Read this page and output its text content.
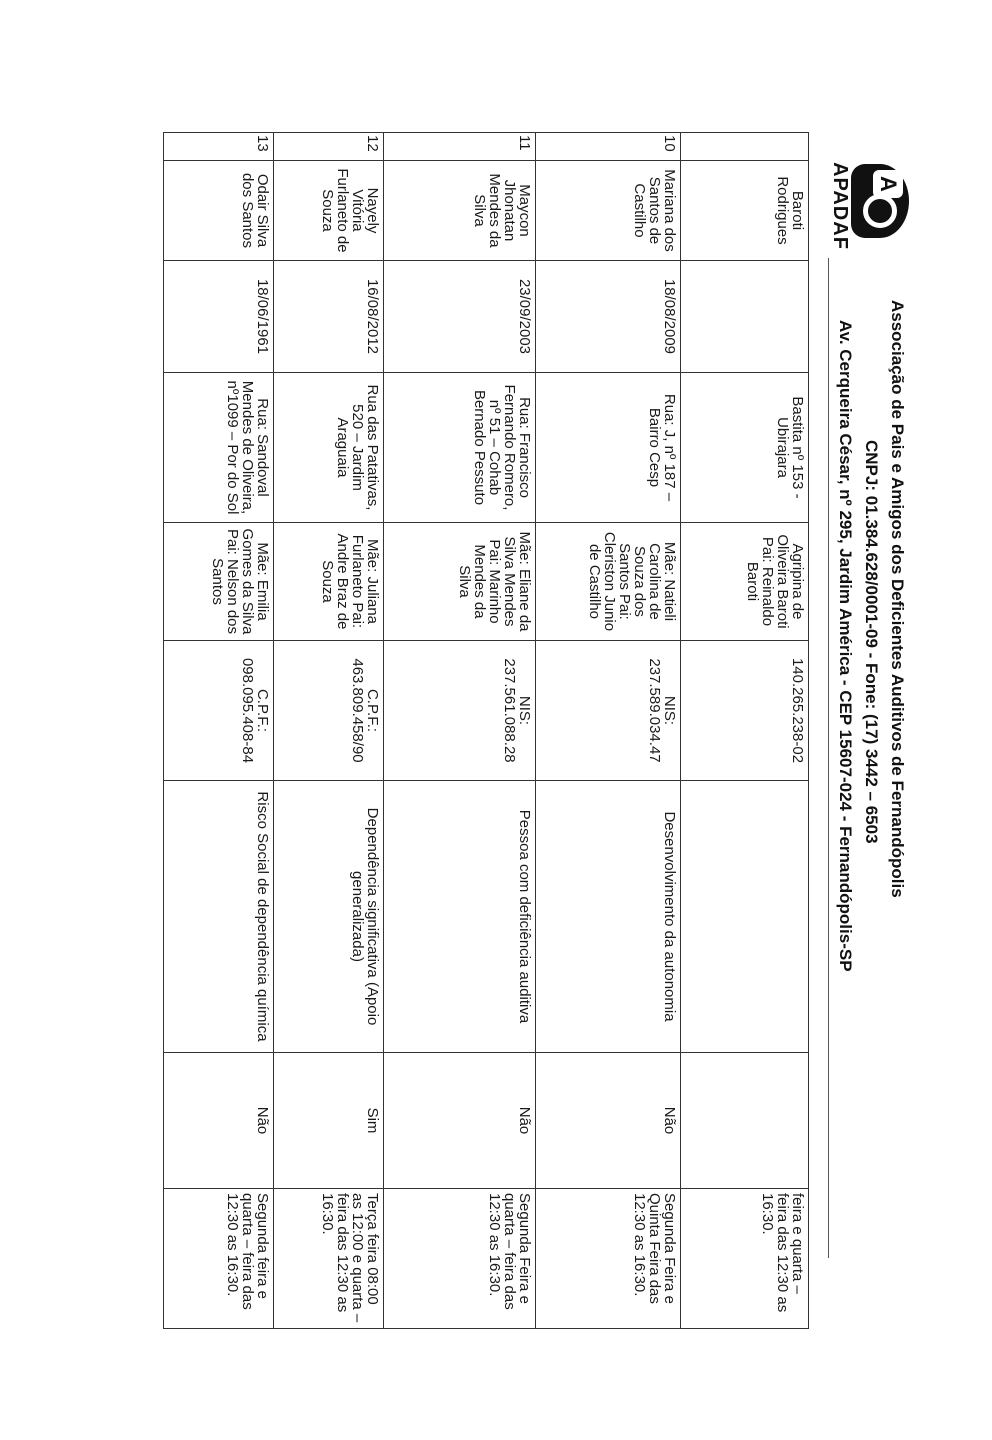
A
APADAF
Associação de Pais e Amigos dos Deficientes Auditivos de Fernandópolis
CNPJ: 01.384.628/0001-09 - Fone: (17) 3442 – 6503
Av. Cerqueira César, nº 295, Jardim América - CEP 15607-024 - Fernandópolis-SP
	Baroti Rodrigues		Bastita nº 153 - Ubirajara	Agripina de Oliveira Baroti Pai: Reinaldo Baroti	140.265.238-02			feira e quarta – feira das 12:30 as 16:30.
10	Mariana dos Santos de Castilho	18/08/2009	Rua: J, nº 187 – Bairro Cesp	Mãe: Natieli Carolina de Souza dos Santos Pai: Cleriston Junio de Castilho	NIS: 237.589.034.47	Desenvolvimento da autonomia	Não	Segunda Feira e Quinta Feira das 12:30 as 16:30.
11	Maycon Jhonatan Mendes da Silva	23/09/2003	Rua: Francisco Fernando Romero, nº 51 – Cohab Bernado Pessuto	Mãe: Eliane da Silva Mendes Pai: Marinho Mendes da Silva	NIS: 237.561.088.28	Pessoa com deficiência auditiva	Não	Segunda Feira e quarta – feira das 12:30 as 16:30.
12	Nayely Vitória Furlaneto de Souza	16/08/2012	Rua das Patativas, 520 – Jardim Araguaia	Mãe: Juliana Furlaneto Pai: Andre Braz de Souza	C.P.F.: 463.809.458/90	Dependência significativa (Apoio generalizada)	Sim	Terça feira 08:00 as 12:00 e quarta – feira das 12:30 as 16:30.
13	Odair Silva dos Santos	18/06/1961	Rua: Sandoval Mendes de Oliveira, nº1099 – Por do Sol	Mãe: Emilia Gomes da Silva Pai: Nelson dos Santos	C.P.F.: 098.095.408-84	Risco Social de dependência química	Não	Segunda feira e quarta – feira das 12:30 as 16:30.
